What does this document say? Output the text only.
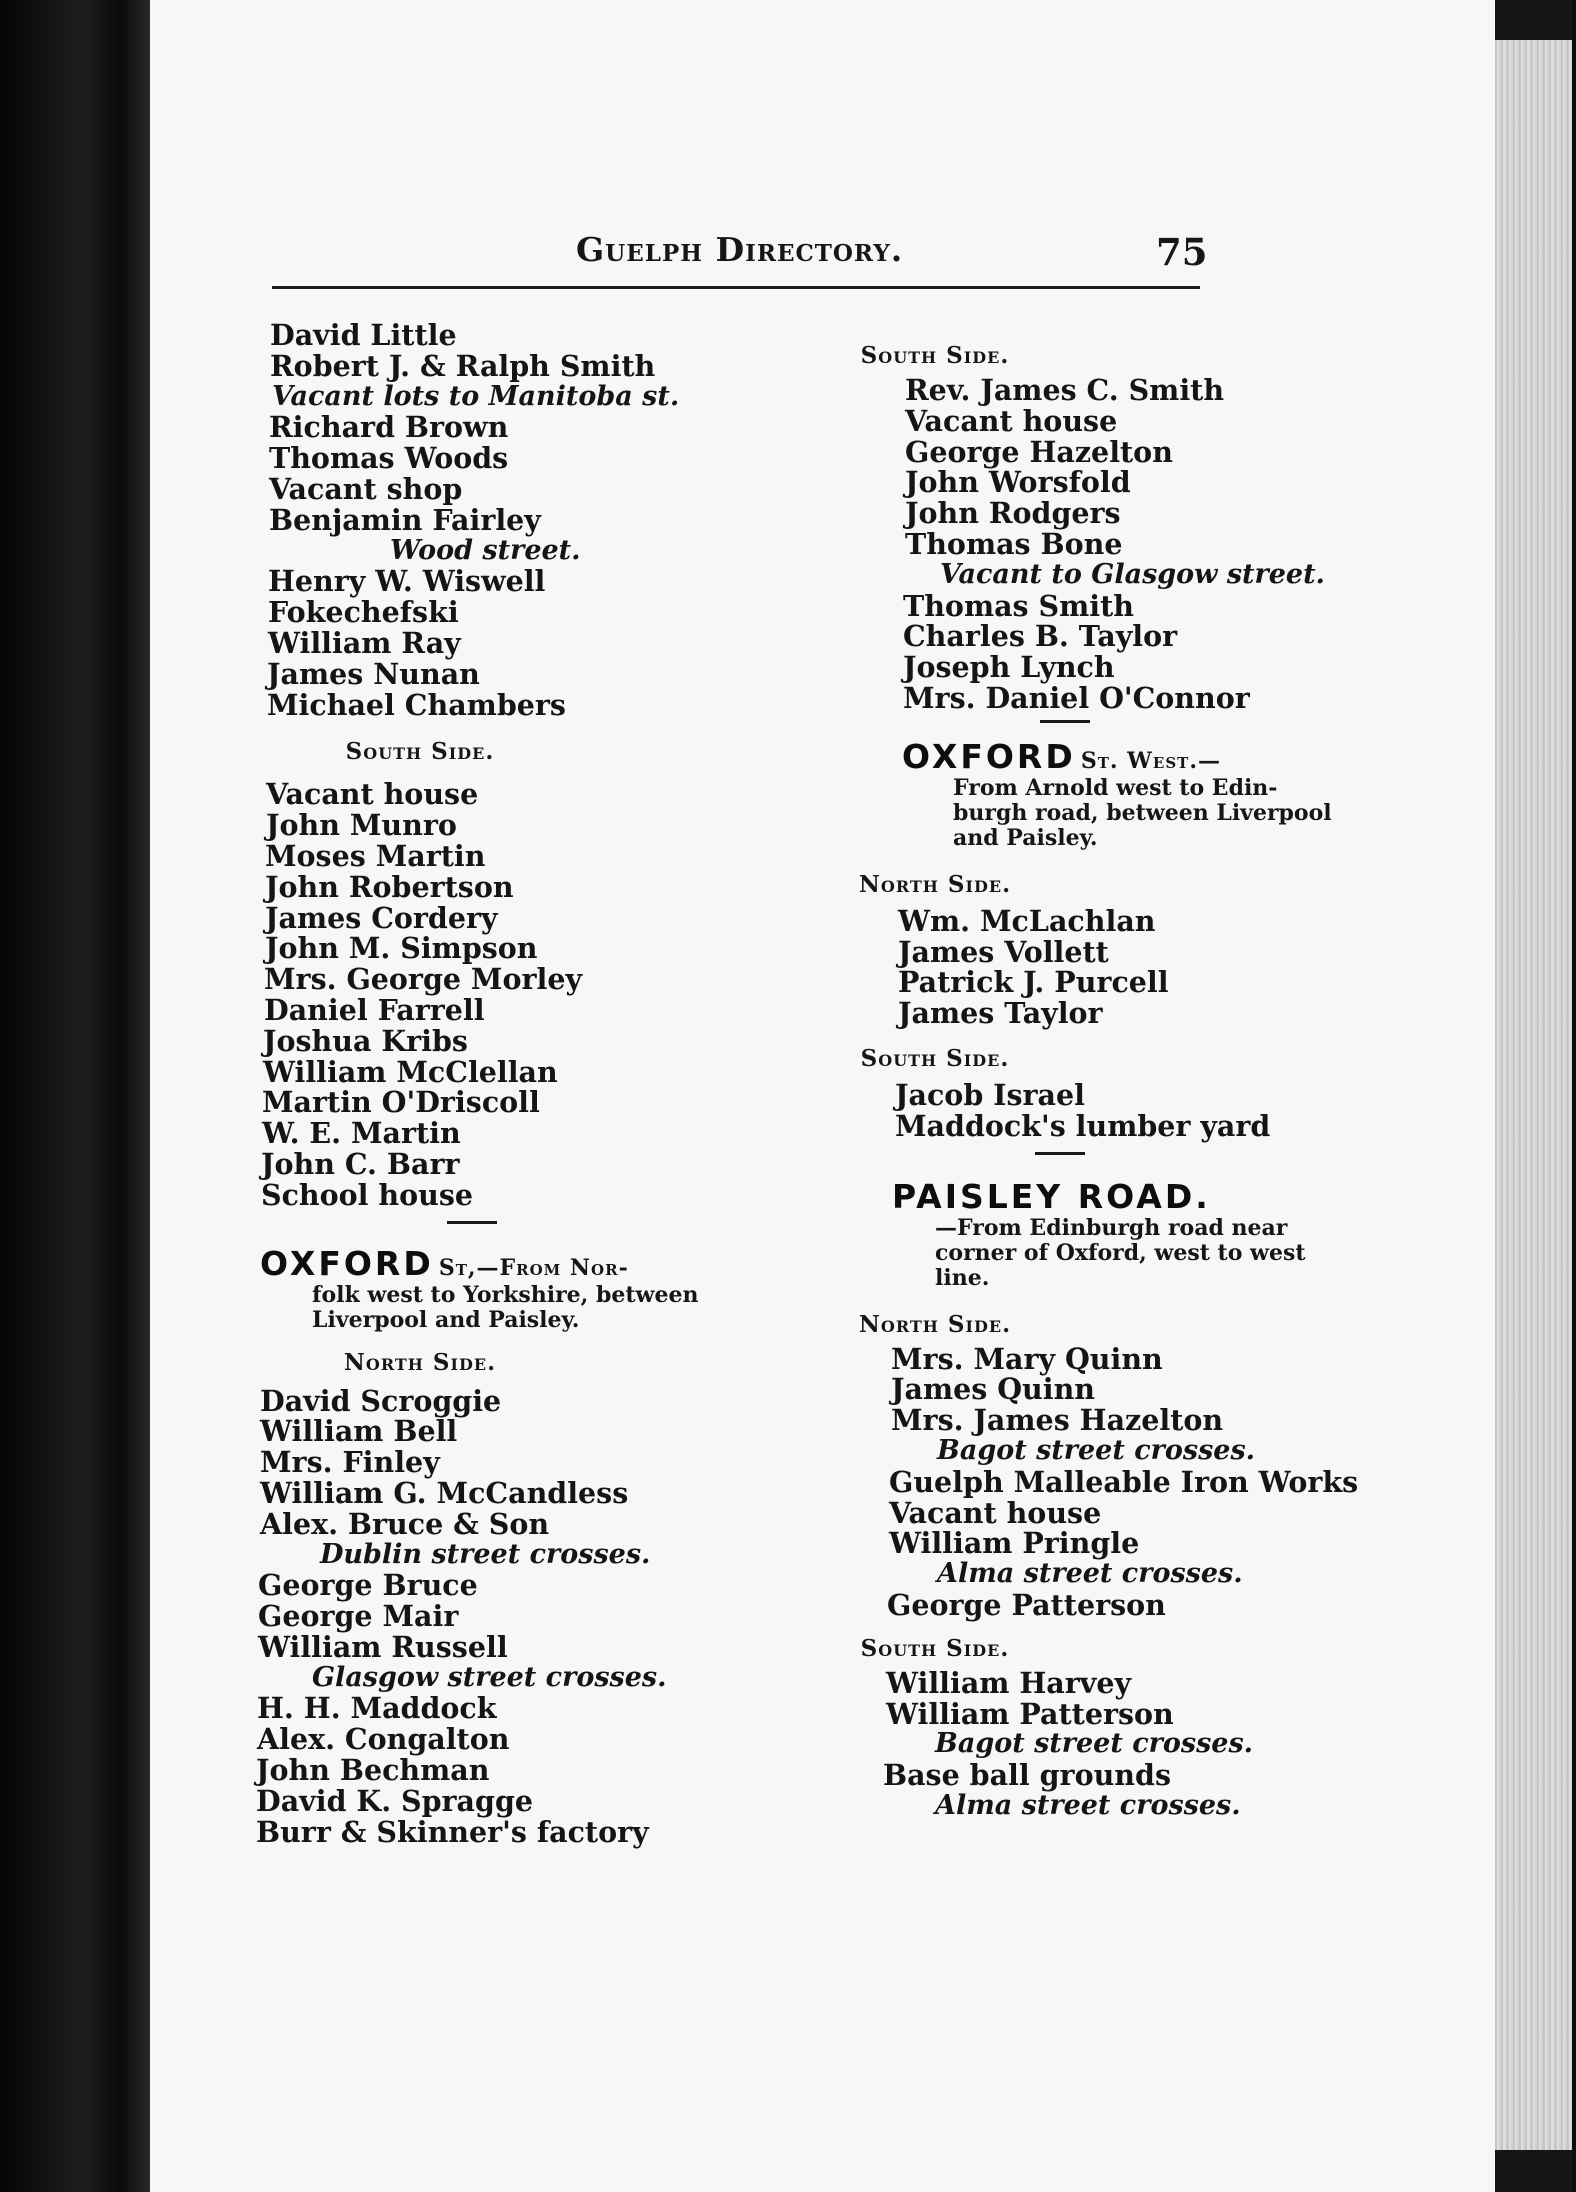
Guelph Directory.	75
David Little
Robert J. & Ralph Smith
Vacant lots to Manitoba st.
Richard Brown
Thomas Woods
Vacant shop
Benjamin Fairley
Wood street.
Henry W. Wiswell
Fokechefski
William Ray
James Nunan
Michael Chambers
South Side.
Vacant house
John Munro
Moses Martin
John Robertson
James Cordery
John M. Simpson
Mrs. George Morley
Daniel Farrell
Joshua Kribs
William McClellan
Martin O'Driscoll
W. E. Martin
John C. Barr
School house
OXFORD St,—From Nor-
folk west to Yorkshire, between
Liverpool and Paisley.
North Side.
David Scroggie
William Bell
Mrs. Finley
William G. McCandless
Alex. Bruce & Son
Dublin street crosses.
George Bruce
George Mair
William Russell
Glasgow street crosses.
H. H. Maddock
Alex. Congalton
John Bechman
David K. Spragge
Burr & Skinner's factory
South Side.
Rev. James C. Smith
Vacant house
George Hazelton
John Worsfold
John Rodgers
Thomas Bone
Vacant to Glasgow street.
Thomas Smith
Charles B. Taylor
Joseph Lynch
Mrs. Daniel O'Connor
OXFORD St. West.—
From Arnold west to Edin-
burgh road, between Liverpool
and Paisley.
North Side.
Wm. McLachlan
James Vollett
Patrick J. Purcell
James Taylor
South Side.
Jacob Israel
Maddock's lumber yard
PAISLEY ROAD.
—From Edinburgh road near
corner of Oxford, west to west
line.
North Side.
Mrs. Mary Quinn
James Quinn
Mrs. James Hazelton
Bagot street crosses.
Guelph Malleable Iron Works
Vacant house
William Pringle
Alma street crosses.
George Patterson
South Side.
William Harvey
William Patterson
Bagot street crosses.
Base ball grounds
Alma street crosses.
